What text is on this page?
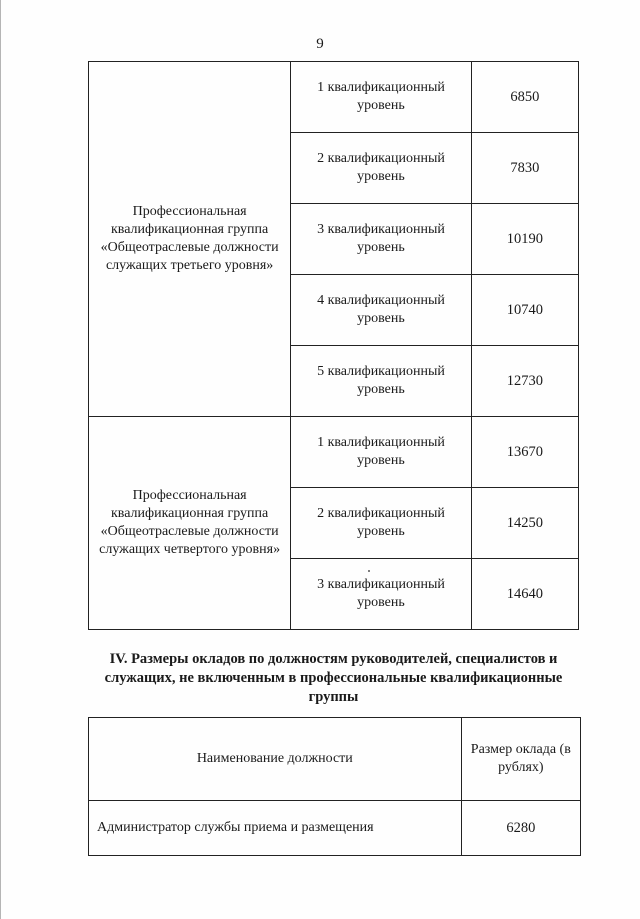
9
Профессиональная квалификационная группа «Общеотраслевые должности служащих третьего уровня»	1 квалификационный уровень	6850
	2 квалификационный уровень	7830
	3 квалификационный уровень	10190
	4 квалификационный уровень	10740
	5 квалификационный уровень	12730
Профессиональная квалификационная группа «Общеотраслевые должности служащих четвертого уровня»	1 квалификационный уровень	13670
	2 квалификационный уровень	14250
	3 квалификационный уровень	14640
IV. Размеры окладов по должностям руководителей, специалистов и служащих, не включенным в профессиональные квалификационные группы
Наименование должности	Размер оклада (в рублях)
Администратор службы приема и размещения	6280
